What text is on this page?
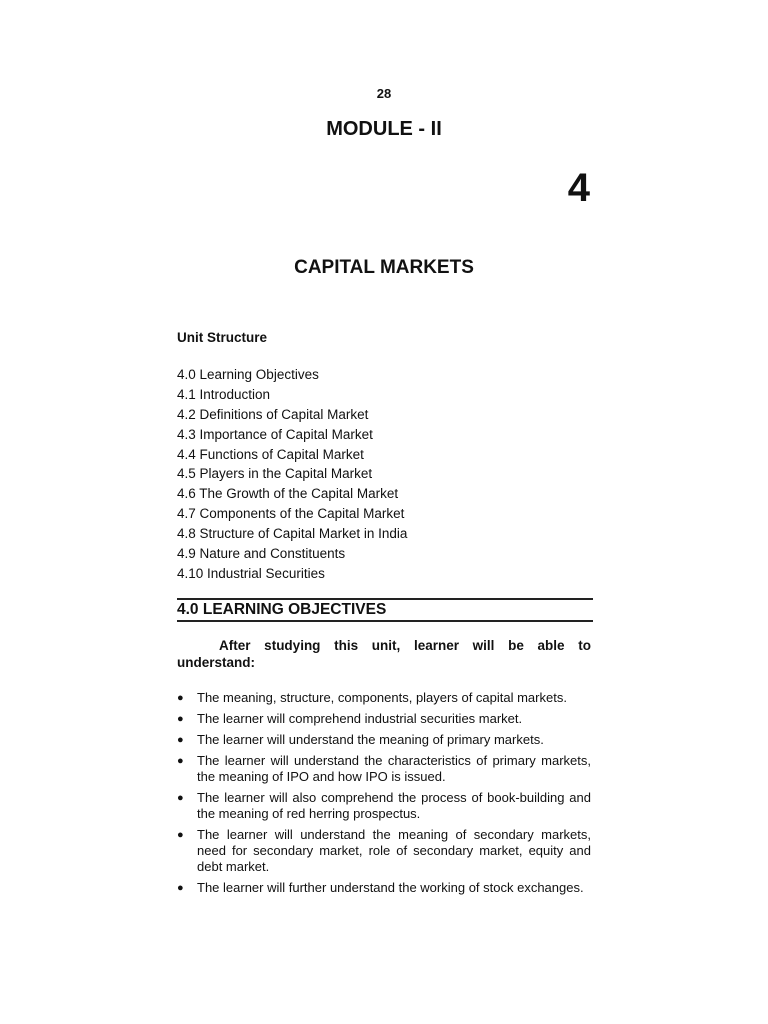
28
MODULE - II
4
CAPITAL MARKETS
Unit Structure
4.0 Learning Objectives
4.1 Introduction
4.2 Definitions of Capital Market
4.3 Importance of Capital Market
4.4 Functions of Capital Market
4.5 Players in the Capital Market
4.6 The Growth of the Capital Market
4.7 Components of the Capital Market
4.8 Structure of Capital Market in India
4.9 Nature and Constituents
4.10 Industrial Securities
4.0 LEARNING OBJECTIVES

After studying this unit, learner will be able to understand:

● The meaning, structure, components, players of capital markets.
● The learner will comprehend industrial securities market.
● The learner will understand the meaning of primary markets.
● The learner will understand the characteristics of primary markets, the meaning of IPO and how IPO is issued.
● The learner will also comprehend the process of book-building and the meaning of red herring prospectus.
● The learner will understand the meaning of secondary markets, need for secondary market, role of secondary market, equity and debt market.
● The learner will further understand the working of stock exchanges.
